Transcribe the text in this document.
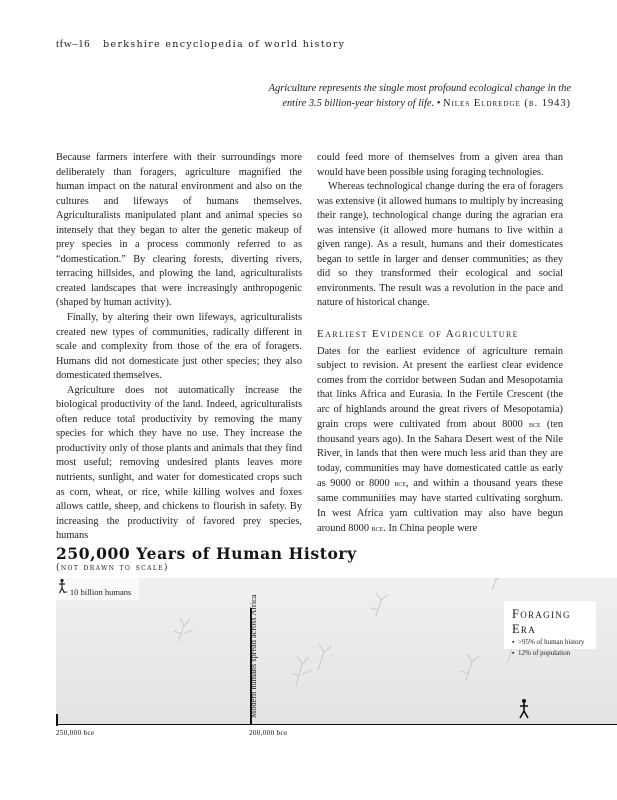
tfw–16 berkshire encyclopedia of world history
Agriculture represents the single most profound ecological change in the
entire 3.5 billion-year history of life. • Niles Eldredge (b. 1943)

Because farmers interfere with their surroundings more deliberately than foragers, agriculture magnified the human impact on the natural environment and also on the cultures and lifeways of humans themselves. Agriculturalists manipulated plant and animal species so intensely that they began to alter the genetic makeup of prey species in a process commonly referred to as “domestication.” By clearing forests, diverting rivers, terracing hillsides, and plowing the land, agriculturalists created landscapes that were increasingly anthropogenic (shaped by human activity).

Finally, by altering their own lifeways, agriculturalists created new types of communities, radically different in scale and complexity from those of the era of foragers. Humans did not domesticate just other species; they also domesticated themselves.

Agriculture does not automatically increase the biological productivity of the land. Indeed, agriculturalists often reduce total productivity by removing the many species for which they have no use. They increase the productivity only of those plants and animals that they find most useful; removing undesired plants leaves more nutrients, sunlight, and water for domesticated crops such as corn, wheat, or rice, while killing wolves and foxes allows cattle, sheep, and chickens to flourish in safety. By increasing the productivity of favored prey species, humans

could feed more of themselves from a given area than would have been possible using foraging technologies.

Whereas technological change during the era of foragers was extensive (it allowed humans to multiply by increasing their range), technological change during the agrarian era was intensive (it allowed more humans to live within a given range). As a result, humans and their domesticates began to settle in larger and denser communities; as they did so they transformed their ecological and social environments. The result was a revolution in the pace and nature of historical change.

Earliest Evidence of Agriculture

Dates for the earliest evidence of agriculture remain subject to revision. At present the earliest clear evidence comes from the corridor between Sudan and Mesopotamia that links Africa and Eurasia. In the Fertile Crescent (the arc of highlands around the great rivers of Mesopotamia) grain crops were cultivated from about 8000 bce (ten thousand years ago). In the Sahara Desert west of the Nile River, in lands that then were much less arid than they are today, communities may have domesticated cattle as early as 9000 or 8000 bce, and within a thousand years these same communities may have started cultivating sorghum. In west Africa yam cultivation may also have begun around 8000 bce. In China people were

250,000 Years of Human History
(not drawn to scale)
= 10 billion humans
Foraging Era
▪ >95% of human history
▪ 12% of population
Modern humans spread across Africa
250,000 bce	200,000 bce
